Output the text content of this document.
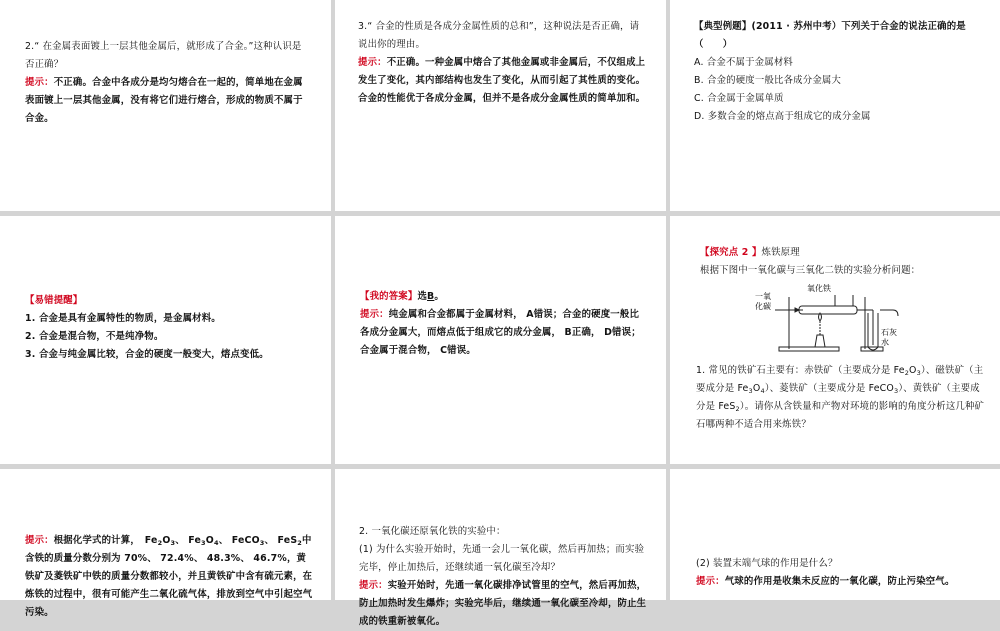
2.“ 在金属表面镀上一层其他金属后，就形成了合金。”这种认识是否正确？

提示：不正确。合金中各成分是均匀熔合在一起的，简单地在金属表面镀上一层其他金属，没有将它们进行熔合，形成的物质不属于合金。

3.“ 合金的性质是各成分金属性质的总和”，这种说法是否正确，请说出你的理由。

提示：不正确。一种金属中熔合了其他金属或非金属后，不仅组成上发生了变化，其内部结构也发生了变化，从而引起了其性质的变化。合金的性能优于各成分金属，但并不是各成分金属性质的简单加和。

【典型例题】(2011 · 苏州中考）下列关于合金的说法正确的是（　　）

A. 合金不属于金属材料

B. 合金的硬度一般比各成分金属大

C. 合金属于金属单质

D. 多数合金的熔点高于组成它的成分金属

【易错提醒】

1. 合金是具有金属特性的物质，是金属材料。

2. 合金是混合物，不是纯净物。

3. 合金与纯金属比较，合金的硬度一般变大，熔点变低。

【我的答案】选B。

提示：纯金属和合金都属于金属材料， A错误；合金的硬度一般比各成分金属大，而熔点低于组成它的成分金属， B正确， D错误；合金属于混合物， C错误。

【探究点 2 】炼铁原理

根据下图中一氧化碳与三氧化二铁的实验分析问题：

1. 常见的铁矿石主要有：赤铁矿（主要成分是 $Fe_2O_3$）、磁铁矿（主要成分是 $Fe_3O_4$）、菱铁矿（主要成分是 FeCO$_3$）、黄铁矿（主要成分是 FeS$_2$）。请你从含铁量和产物对环境的影响的角度分析这几种矿石哪两种不适合用来炼铁？

一氧
化碳
氧化铁
石灰
水

提示：根据化学式的计算，　$Fe_2O_3$、 $Fe_3O_4$、 FeCO$_3$、 FeS$_2$中含铁的质量分数分别为 70%、 72.4%、 48.3%、 46.7%，黄铁矿及菱铁矿中铁的质量分数都较小，并且黄铁矿中含有硫元素，在炼铁的过程中，很有可能产生二氧化硫气体，排放到空气中引起空气污染。

2. 一氧化碳还原氧化铁的实验中：

(1) 为什么实验开始时，先通一会儿一氧化碳，然后再加热；而实验完毕，停止加热后，还继续通一氧化碳至冷却？

提示：实验开始时，先通一氧化碳排净试管里的空气，然后再加热，防止加热时发生爆炸；实验完毕后，继续通一氧化碳至冷却，防止生成的铁重新被氧化。

(2) 装置末端气球的作用是什么？

提示：气球的作用是收集未反应的一氧化碳，防止污染空气。
